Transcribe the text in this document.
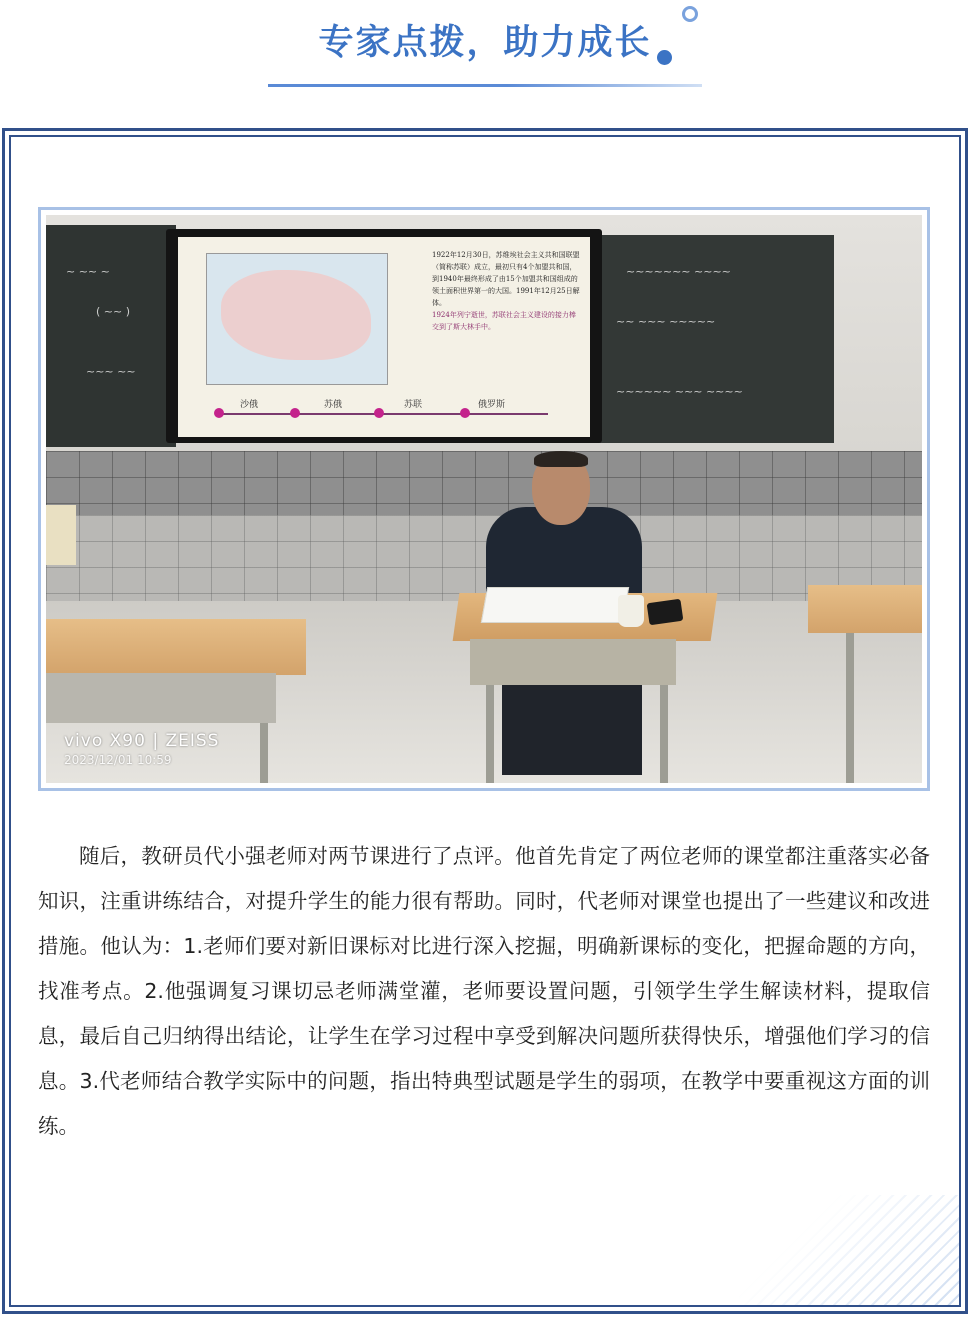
专家点拨，助力成长
~ ~~ ~
( ~~ )
~~~ ~~
~~~~~~~ ~~~~
~~ ~~~ ~~~~~
~~~~~~ ~~~ ~~~~
1922年12月30日，苏维埃社会主义共和国联盟（简称苏联）成立，最初只有4个加盟共和国，到1940年最终形成了由15个加盟共和国组成的领土面积世界第一的大国。1991年12月25日解体。
1924年列宁逝世，苏联社会主义建设的接力棒交到了斯大林手中。
沙俄	苏俄	苏联	俄罗斯
vivo X90 | ZEISS
2023/12/01 10:59

随后，教研员代小强老师对两节课进行了点评。他首先肯定了两位老师的课堂都注重落实必备知识，注重讲练结合，对提升学生的能力很有帮助。同时，代老师对课堂也提出了一些建议和改进措施。他认为：1.老师们要对新旧课标对比进行深入挖掘，明确新课标的变化，把握命题的方向，找准考点。2.他强调复习课切忌老师满堂灌，老师要设置问题，引领学生学生解读材料，提取信息，最后自己归纳得出结论，让学生在学习过程中享受到解决问题所获得快乐，增强他们学习的信息。3.代老师结合教学实际中的问题，指出特典型试题是学生的弱项，在教学中要重视这方面的训练。
